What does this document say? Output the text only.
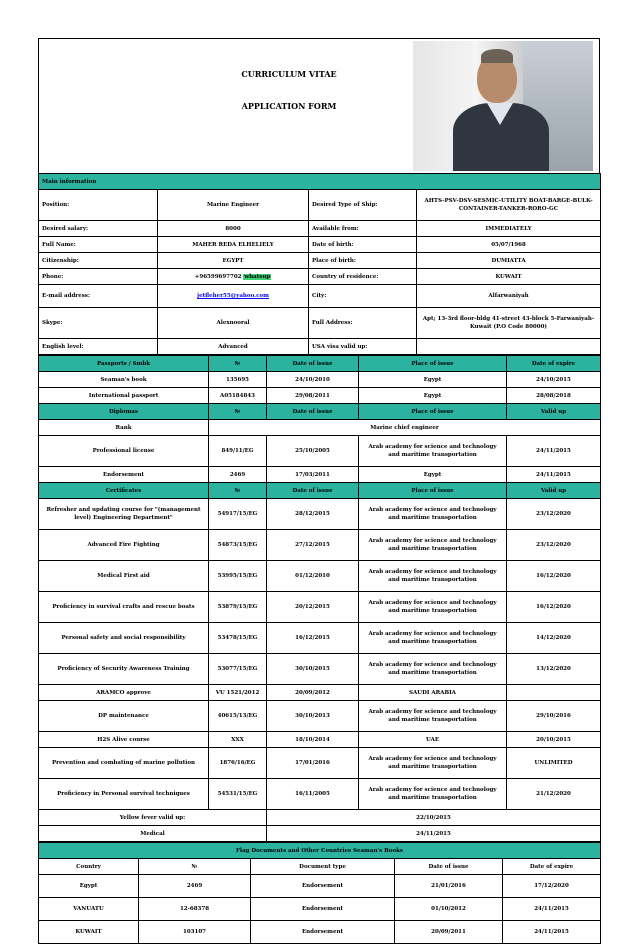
CURRICULUM VITAE
APPLICATION FORM
Main information			
Position:	Marine Engineer	Desired Type of Ship:	AHTS-PSV-DSV-SESMIC-UTILITY BOAT-BARGE-BULK-CONTAINER-TANKER-RORO-GC
Desired salary:	8000	Available from:	IMMEDIATELY
Full Name:	MAHER REDA ELHELIELY	Date of birth:	05/07/1968
Citizenship:	EGYPT	Place of birth:	DUMIATTA
Phone:	+96599697702 whatsup	Country of residence:	KUWAIT
E-mail address:	jetfleher55@yahoo.com	City:	Alfarwaniyah
Skype:	Alexnooral	Full Address:	Apt; 13-3rd floor-bldg 41-street 43-block 5-Farwaniyah-Kuwait (P.O Code 80000)
English level:	Advanced	USA visa valid up:	
Passports / Smbk	№	Date of issue	Place of issue	Date of expire
Seaman's book	135695	24/10/2010	Egypt	24/10/2015
International passport	A05184843	29/08/2011	Egypt	28/08/2018
Diplomas	№	Date of issue	Place of issue	Valid up
Rank	Marine chief engineer			
Professional license	849/11/EG	25/10/2005	Arab academy for science and technology and maritime transportation	24/11/2015
Endorsement	2469	17/03/2011	Egypt	24/11/2015
Certificates	№	Date of issue	Place of issue	Valid up
Refresher and updating course for "(management level) Engineering Department"	54917/15/EG	28/12/2015	Arab academy for science and technology and maritime transportation	23/12/2020
Advanced Fire Fighting	54873/15/EG	27/12/2015	Arab academy for science and technology and maritime transportation	23/12/2020
Medical First aid	53995/15/EG	01/12/2010	Arab academy for science and technology and maritime transportation	16/12/2020
Proficiency in survival crafts and rescue boats	53879/15/EG	20/12/2015	Arab academy for science and technology and maritime transportation	16/12/2020
Personal safety and social responsibility	53478/15/EG	16/12/2015	Arab academy for science and technology and maritime transportation	14/12/2020
Proficiency of Security Awareness Training	53077/15/EG	30/10/2015	Arab academy for science and technology and maritime transportation	13/12/2020
ARAMCO approve	VU 1521/2012	20/09/2012	SAUDI ARABIA	
DP maintenance	40615/13/EG	30/10/2013	Arab academy for science and technology and maritime transportation	29/10/2016
H2S Alive course	XXX	18/10/2014	UAE	20/10/2015
Prevention and combating of marine pollution	1876/16/EG	17/01/2016	Arab academy for science and technology and maritime transportation	UNLIMITED
Proficiency in Personal survival techniques	54531/15/EG	16/11/2005	Arab academy for science and technology and maritime transportation	21/12/2020
Yellow fever valid up:		22/10/2015		
Medical		24/11/2015		
Flag Documents and Other Countries Seaman's Books				
Country	№	Document type	Date of issue	Date of expire
Egypt	2469	Endorsement	21/01/2016	17/12/2020
VANUATU	12-68378	Endorsement	01/10/2012	24/11/2015
KUWAIT	103107	Endorsement	20/09/2011	24/11/2015
